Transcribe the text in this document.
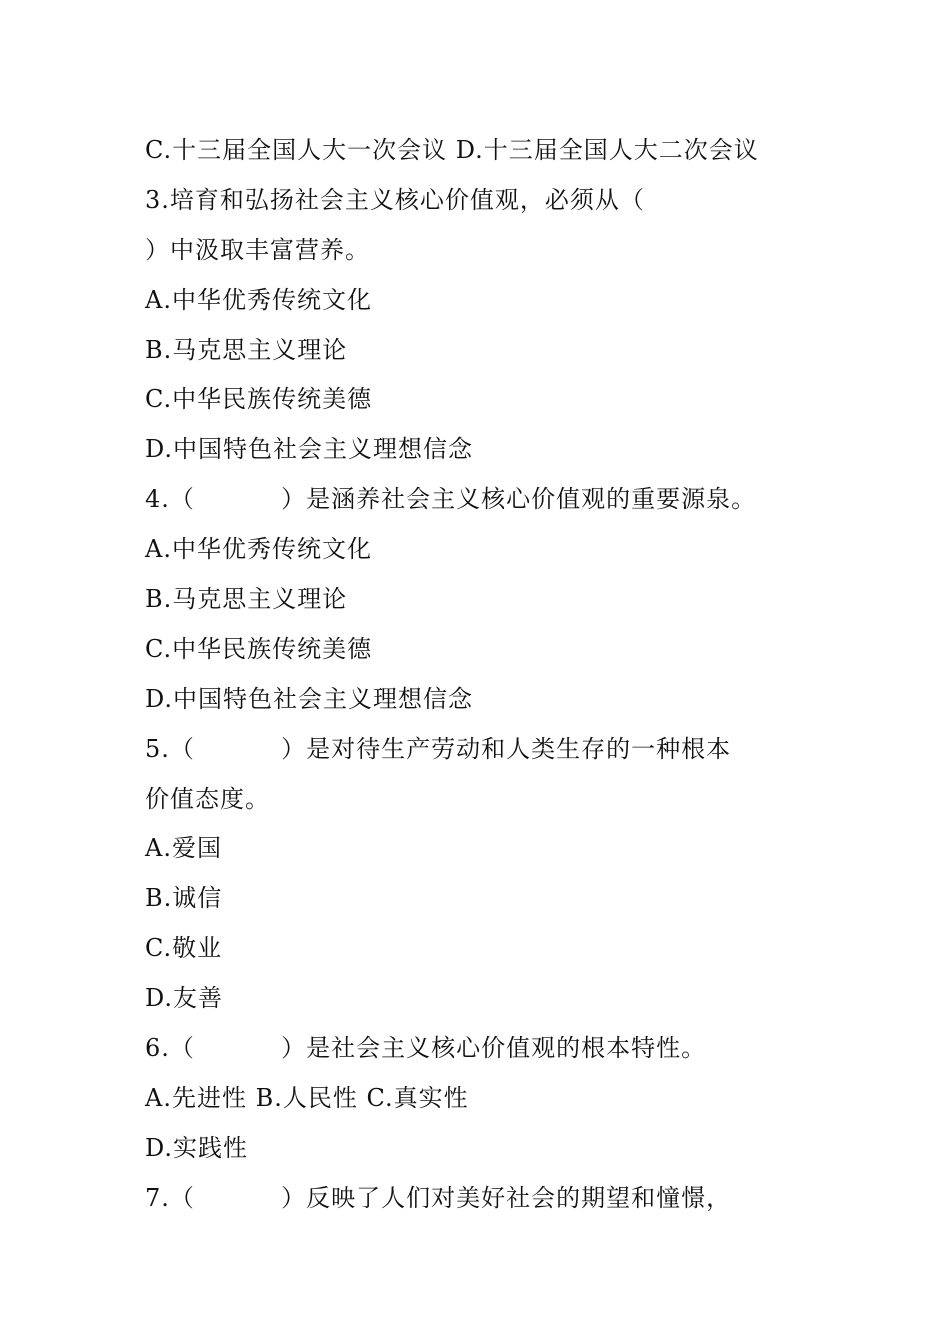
C.十三届全国人大一次会议 D.十三届全国人大二次会议

3.培育和弘扬社会主义核心价值观，必须从（

）中汲取丰富营养。

A.中华优秀传统文化

B.马克思主义理论

C.中华民族传统美德

D.中国特色社会主义理想信念

4.（          ）是涵养社会主义核心价值观的重要源泉。

A.中华优秀传统文化

B.马克思主义理论

C.中华民族传统美德

D.中国特色社会主义理想信念

5.（          ）是对待生产劳动和人类生存的一种根本

价值态度。

A.爱国

B.诚信

C.敬业

D.友善

6.（          ）是社会主义核心价值观的根本特性。

A.先进性 B.人民性 C.真实性

D.实践性

7.（          ）反映了人们对美好社会的期望和憧憬，
